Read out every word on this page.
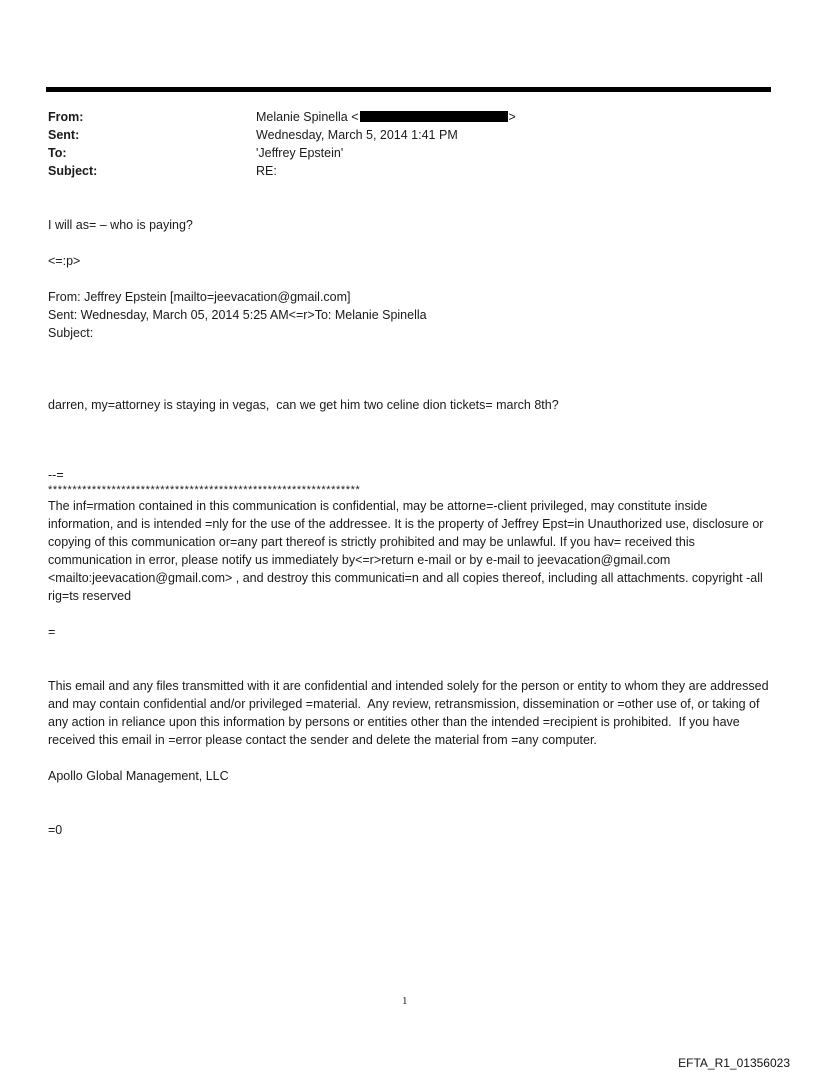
From:	Melanie Spinella <	>
Sent:	Wednesday, March 5, 2014 1:41 PM
To:	'Jeffrey Epstein'
Subject:	RE:

I will as= – who is paying?

<=:p>

From: Jeffrey Epstein [mailto=jeevacation@gmail.com]

Sent: Wednesday, March 05, 2014 5:25 AM<=r>To: Melanie Spinella

Subject:

darren, my=attorney is staying in vegas,  can we get him two celine dion tickets= march 8th?

--=

****************************************************************

The inf=rmation contained in this communication is confidential, may be attorne=-client privileged, may constitute inside information, and is intended =nly for the use of the addressee. It is the property of Jeffrey Epst=in Unauthorized use, disclosure or copying of this communication or=any part thereof is strictly prohibited and may be unlawful. If you hav= received this communication in error, please notify us immediately by<=r>return e-mail or by e-mail to jeevacation@gmail.com <mailto:jeevacation@gmail.com> , and destroy this communicati=n and all copies thereof, including all attachments. copyright -all rig=ts reserved

=

This email and any files transmitted with it are confidential and intended solely for the person or entity to whom they are addressed and may contain confidential and/or privileged =material.  Any review, retransmission, dissemination or =other use of, or taking of any action in reliance upon this information by persons or entities other than the intended =recipient is prohibited.  If you have received this email in =error please contact the sender and delete the material from =any computer.

Apollo Global Management, LLC

=0

1
EFTA_R1_01356023
